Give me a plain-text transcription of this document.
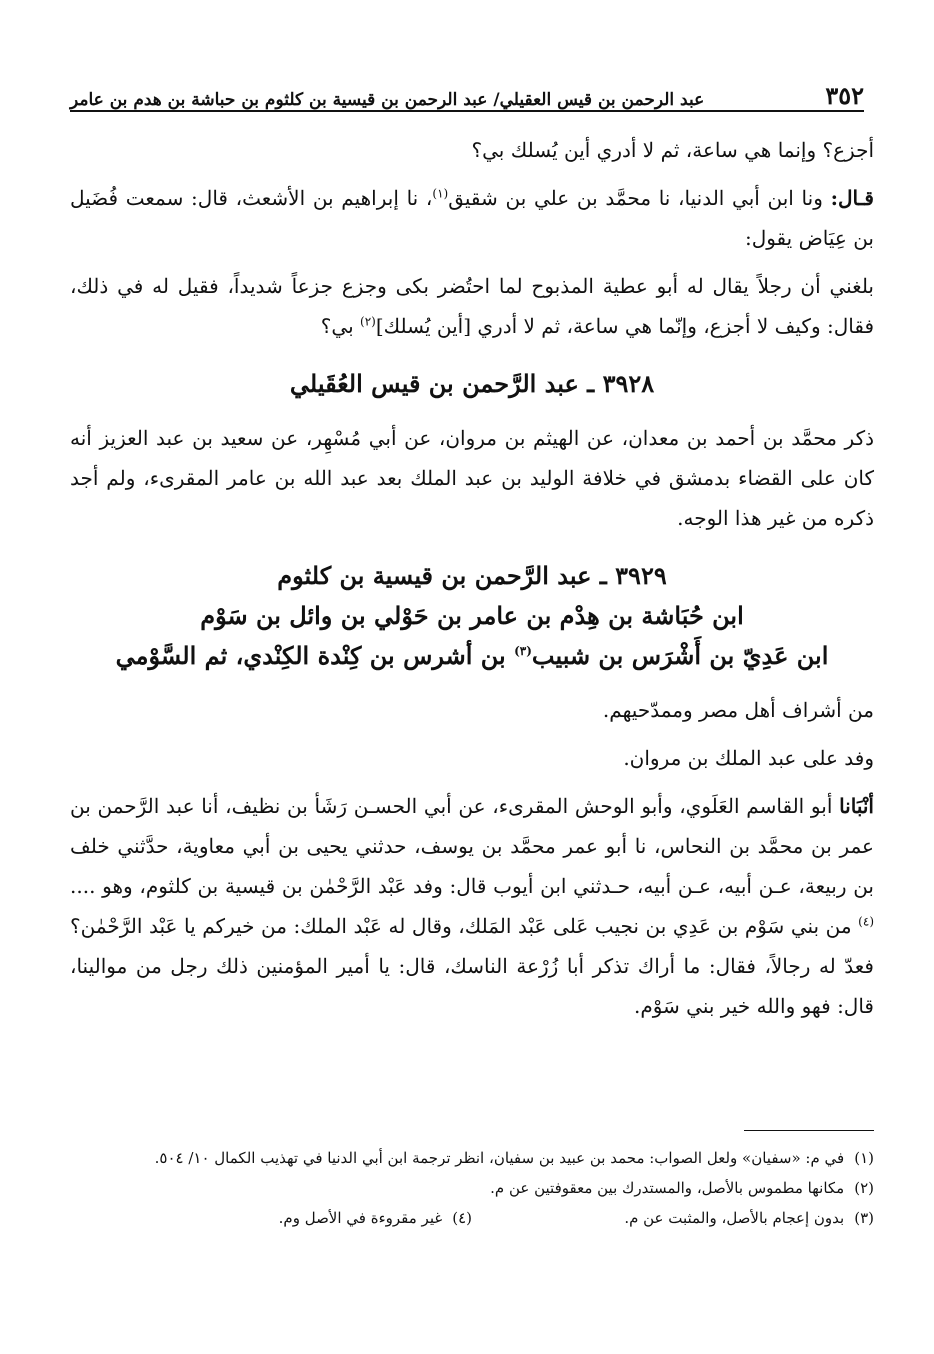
٣٥٢
عبد الرحمن بن قيس العقيلي/ عبد الرحمن بن قيسية بن كلثوم بن حباشة بن هدم بن عامر

أجزع؟ وإنما هي ساعة، ثم لا أدري أين يُسلك بي؟

قـال: ونا ابن أبي الدنيا، نا محمَّد بن علي بن شقيق$^{(١)}$، نا إبراهيم بن الأشعث، قال: سمعت فُضَيل بن عِيَاض يقول:

بلغني أن رجلاً يقال له أبو عطية المذبوح لما احتُضر بكى وجزع جزعاً شديداً، فقيل له في ذلك، فقال: وكيف لا أجزع، وإنّما هي ساعة، ثم لا أدري [أين يُسلك]$^{(٢)}$ بي؟

٣٩٢٨ ـ عبد الرَّحمن بن قيس العُقَيلي

ذكر محمَّد بن أحمد بن معدان، عن الهيثم بن مروان، عن أبي مُسْهِر، عن سعيد بن عبد العزيز أنه كان على القضاء بدمشق في خلافة الوليد بن عبد الملك بعد عبد الله بن عامر المقرىء، ولم أجد ذكره من غير هذا الوجه.

٣٩٢٩ ـ عبد الرَّحمن بن قيسية بن كلثوم
ابن حُبَاشة بن هِدْم بن عامر بن حَوْلي بن وائل بن سَوْم
ابن عَدِيّ بن أَشْرَس بن شبيب$^{(٣)}$ بن أشرس بن كِنْدة الكِنْدي، ثم السَّوْمي

من أشراف أهل مصر وممدّحيهم.

وفد على عبد الملك بن مروان.

أنْبَانا أبو القاسم العَلَوي، وأبو الوحش المقرىء، عن أبي الحسـن رَشَأ بن نظيف، أنا عبد الرَّحمن بن عمر بن محمَّد بن النحاس، نا أبو عمر محمَّد بن يوسف، حدثني يحيى بن أبي معاوية، حدَّثني خلف بن ربيعة، عـن أبيه، عـن أبيه، حـدثني ابن أيوب قال: وفد عَبْد الرَّحْمٰن بن قيسية بن كلثوم، وهو ....$^{(٤)}$ من بني سَوْم بن عَدِي بن نجيب عَلى عَبْد المَلك، وقال له عَبْد الملك: من خيركم يا عَبْد الرَّحْمٰن؟ فعدّ له رجالاً، فقال: ما أراك تذكر أبا زُرْعة الناسك، قال: يا أمير المؤمنين ذلك رجل من موالينا، قال: فهو والله خير بني سَوْم.

(١)
في م: «سفيان» ولعل الصواب: محمد بن عبيد بن سفيان، انظر ترجمة ابن أبي الدنيا في تهذيب الكمال ١٠/ ٥٠٤.
(٢)
مكانها مطموس بالأصل، والمستدرك بين معقوفتين عن م.
(٣)
بدون إعجام بالأصل، والمثبت عن م.
(٤)
غير مقروءة في الأصل وم.
